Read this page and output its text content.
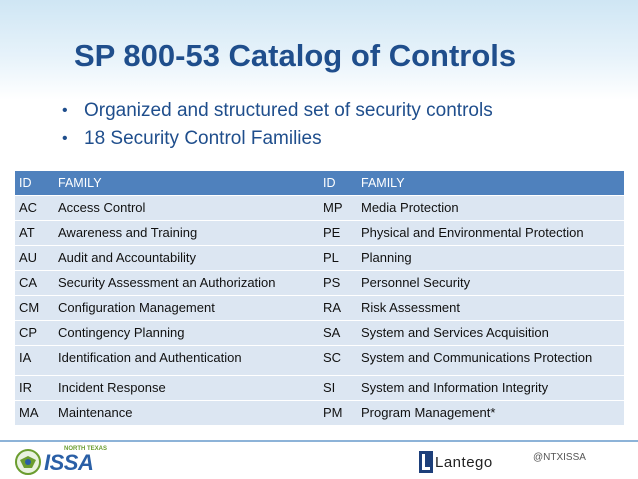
SP 800-53 Catalog of Controls
• Organized and structured set of security controls
• 18 Security Control Families
ID	FAMILY	ID	FAMILY
AC	Access Control	MP	Media Protection
AT	Awareness and Training	PE	Physical and Environmental Protection
AU	Audit and Accountability	PL	Planning
CA	Security Assessment an Authorization	PS	Personnel Security
CM	Configuration Management	RA	Risk Assessment
CP	Contingency Planning	SA	System and Services Acquisition
IA	Identification and Authentication	SC	System and Communications Protection
IR	Incident Response	SI	System and Information Integrity
MA	Maintenance	PM	Program Management*
NORTH TEXAS
ISSA	Lantego	@NTXISSA
